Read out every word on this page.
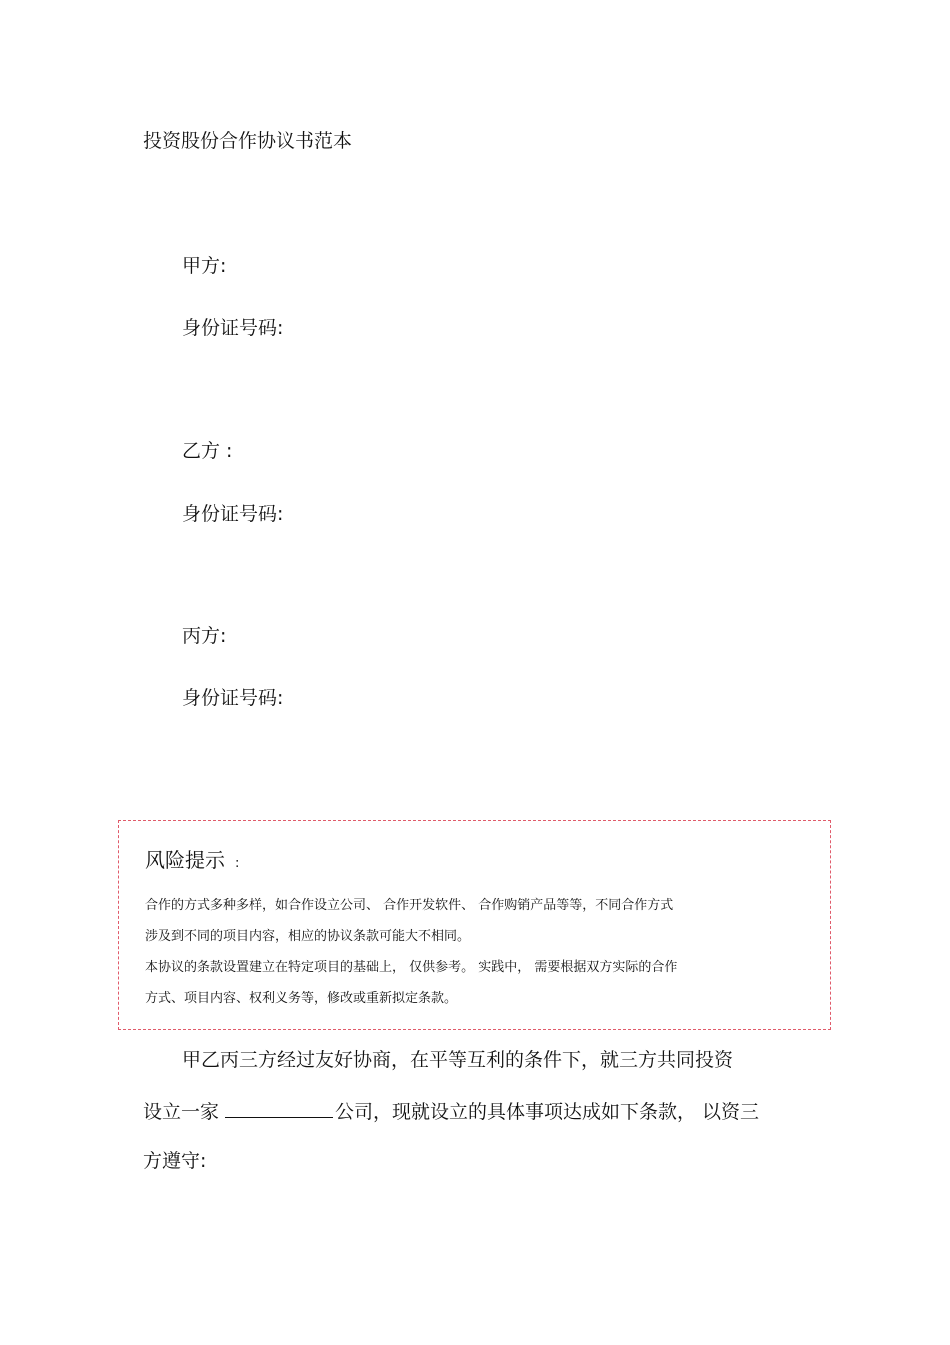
投资股份合作协议书范本
甲方:
身份证号码:
乙方 :
身份证号码:
丙方:
身份证号码:
风险提示 :
合作的方式多种多样，如合作设立公司、 合作开发软件、 合作购销产品等等，不同合作方式
涉及到不同的项目内容，相应的协议条款可能大不相同。
本协议的条款设置建立在特定项目的基础上， 仅供参考。 实践中， 需要根据双方实际的合作
方式、项目内容、权利义务等，修改或重新拟定条款。
甲乙丙三方经过友好协商，在平等互利的条件下，就三方共同投资
设立一家	公司，现就设立的具体事项达成如下条款， 以资三
方遵守:
